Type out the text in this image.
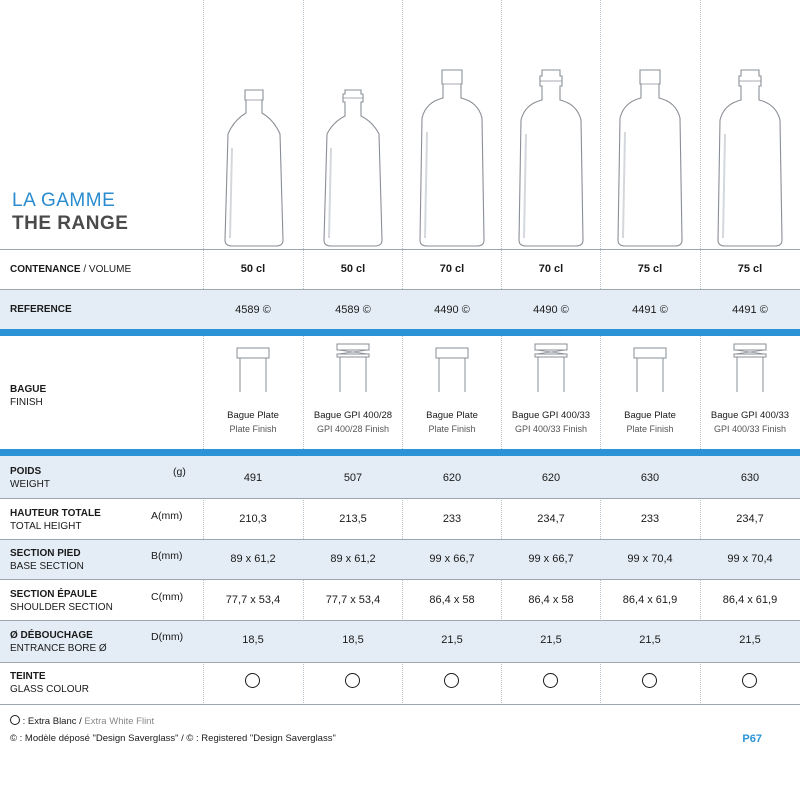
LA GAMME
THE RANGE
CONTENANCE / VOLUME	50 cl	50 cl	70 cl	70 cl	75 cl	75 cl
REFERENCE	4589 ©	4589 ©	4490 ©	4490 ©	4491 ©	4491 ©
BAGUE
FINISH
Bague Plate	Bague GPI 400/28	Bague Plate	Bague GPI 400/33	Bague Plate	Bague GPI 400/33
Plate Finish	GPI 400/28 Finish	Plate Finish	GPI 400/33 Finish	Plate Finish	GPI 400/33 Finish
POIDS
WEIGHT
(g)	491	507	620	620	630	630
HAUTEUR TOTALE
TOTAL HEIGHT
A(mm)	210,3	213,5	233	234,7	233	234,7
SECTION PIED
BASE SECTION
B(mm)	89 x 61,2	89 x 61,2	99 x 66,7	99 x 66,7	99 x 70,4	99 x 70,4
SECTION ÉPAULE
SHOULDER SECTION
C(mm)	77,7 x 53,4	77,7 x 53,4	86,4 x 58	86,4 x 58	86,4 x 61,9	86,4 x 61,9
Ø DÉBOUCHAGE
ENTRANCE BORE Ø
D(mm)	18,5	18,5	21,5	21,5	21,5	21,5
TEINTE
GLASS COLOUR
: Extra Blanc / Extra White Flint
© : Modèle déposé "Design Saverglass" / © : Registered "Design Saverglass"	P67
